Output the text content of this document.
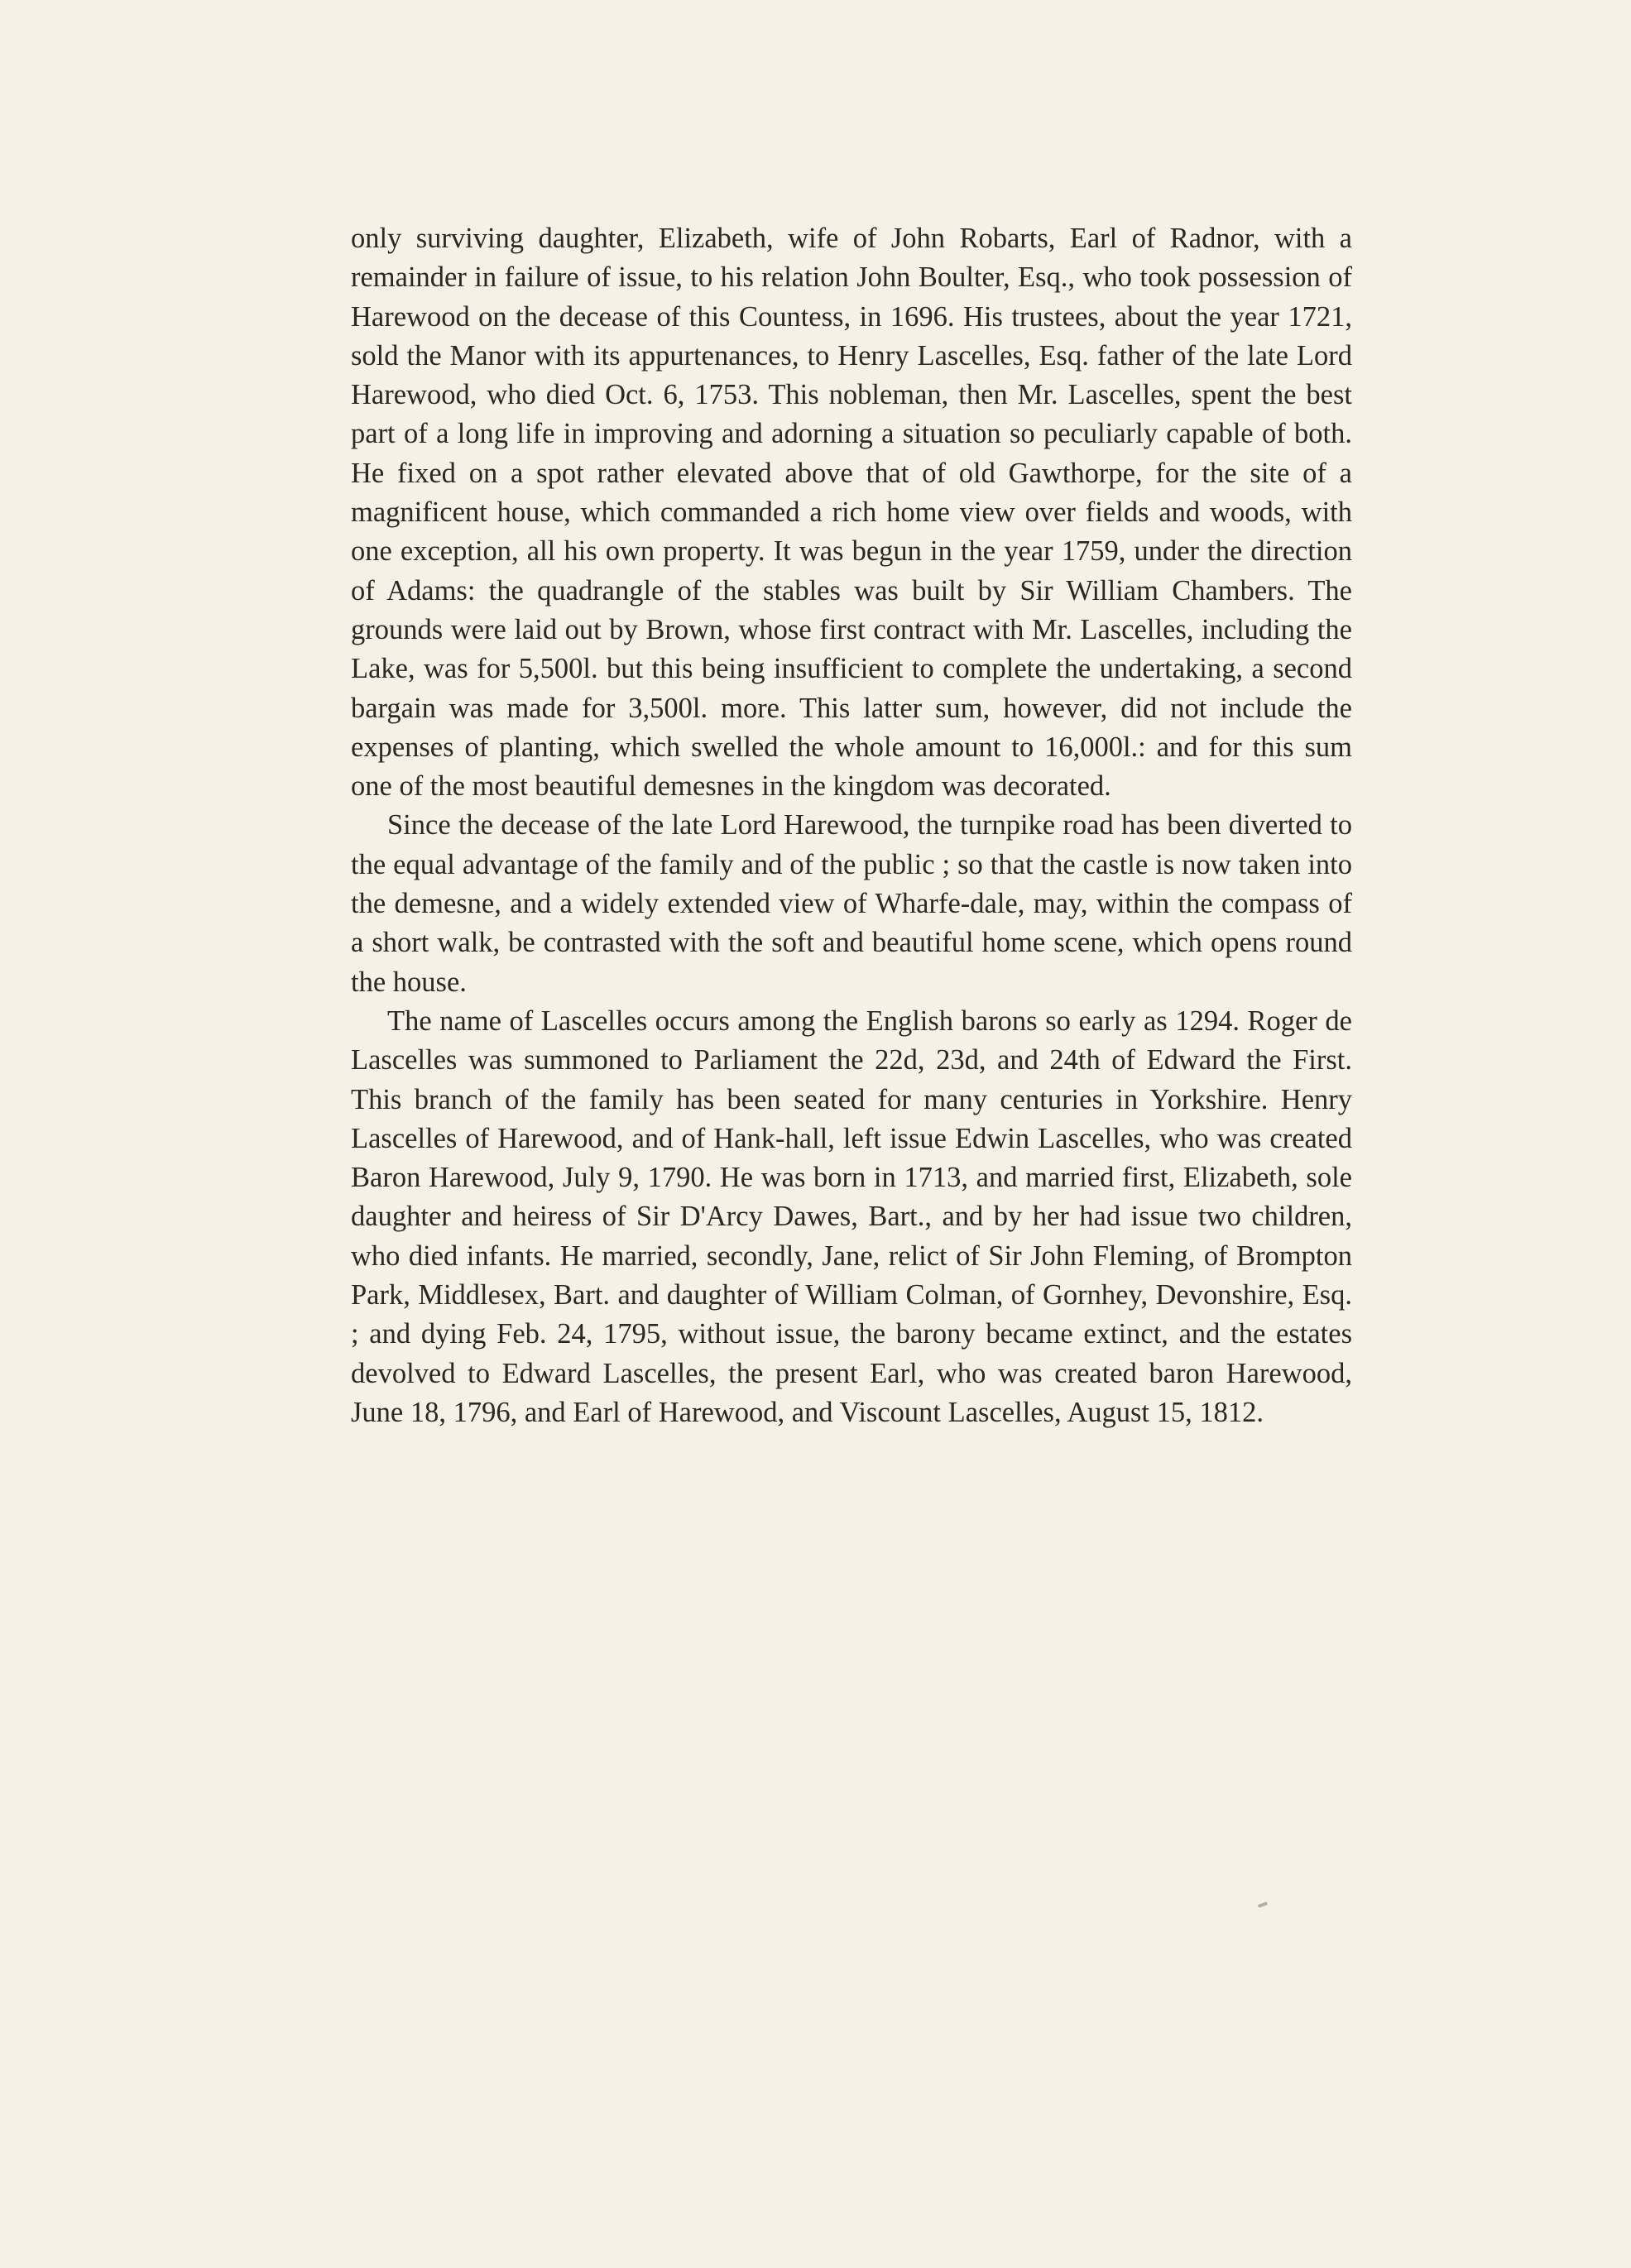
only surviving daughter, Elizabeth, wife of John Robarts, Earl of Radnor, with a remainder in failure of issue, to his relation John Boulter, Esq., who took possession of Harewood on the decease of this Countess, in 1696. His trustees, about the year 1721, sold the Manor with its appurtenances, to Henry Lascelles, Esq. father of the late Lord Harewood, who died Oct. 6, 1753. This nobleman, then Mr. Lascelles, spent the best part of a long life in improving and adorning a situation so peculiarly capable of both. He fixed on a spot rather elevated above that of old Gawthorpe, for the site of a magnificent house, which commanded a rich home view over fields and woods, with one exception, all his own property. It was begun in the year 1759, under the direction of Adams: the quadrangle of the stables was built by Sir William Chambers. The grounds were laid out by Brown, whose first contract with Mr. Lascelles, including the Lake, was for 5,500l. but this being insufficient to complete the undertaking, a second bargain was made for 3,500l. more. This latter sum, however, did not include the expenses of planting, which swelled the whole amount to 16,000l.: and for this sum one of the most beautiful demesnes in the kingdom was decorated.

Since the decease of the late Lord Harewood, the turnpike road has been diverted to the equal advantage of the family and of the public ; so that the castle is now taken into the demesne, and a widely extended view of Wharfe-dale, may, within the compass of a short walk, be contrasted with the soft and beautiful home scene, which opens round the house.

The name of Lascelles occurs among the English barons so early as 1294. Roger de Lascelles was summoned to Parliament the 22d, 23d, and 24th of Edward the First. This branch of the family has been seated for many centuries in Yorkshire. Henry Lascelles of Harewood, and of Hank-hall, left issue Edwin Lascelles, who was created Baron Harewood, July 9, 1790. He was born in 1713, and married first, Elizabeth, sole daughter and heiress of Sir D'Arcy Dawes, Bart., and by her had issue two children, who died infants. He married, secondly, Jane, relict of Sir John Fleming, of Brompton Park, Middlesex, Bart. and daughter of William Colman, of Gornhey, Devonshire, Esq. ; and dying Feb. 24, 1795, without issue, the barony became extinct, and the estates devolved to Edward Lascelles, the present Earl, who was created baron Harewood, June 18, 1796, and Earl of Harewood, and Viscount Lascelles, August 15, 1812.
